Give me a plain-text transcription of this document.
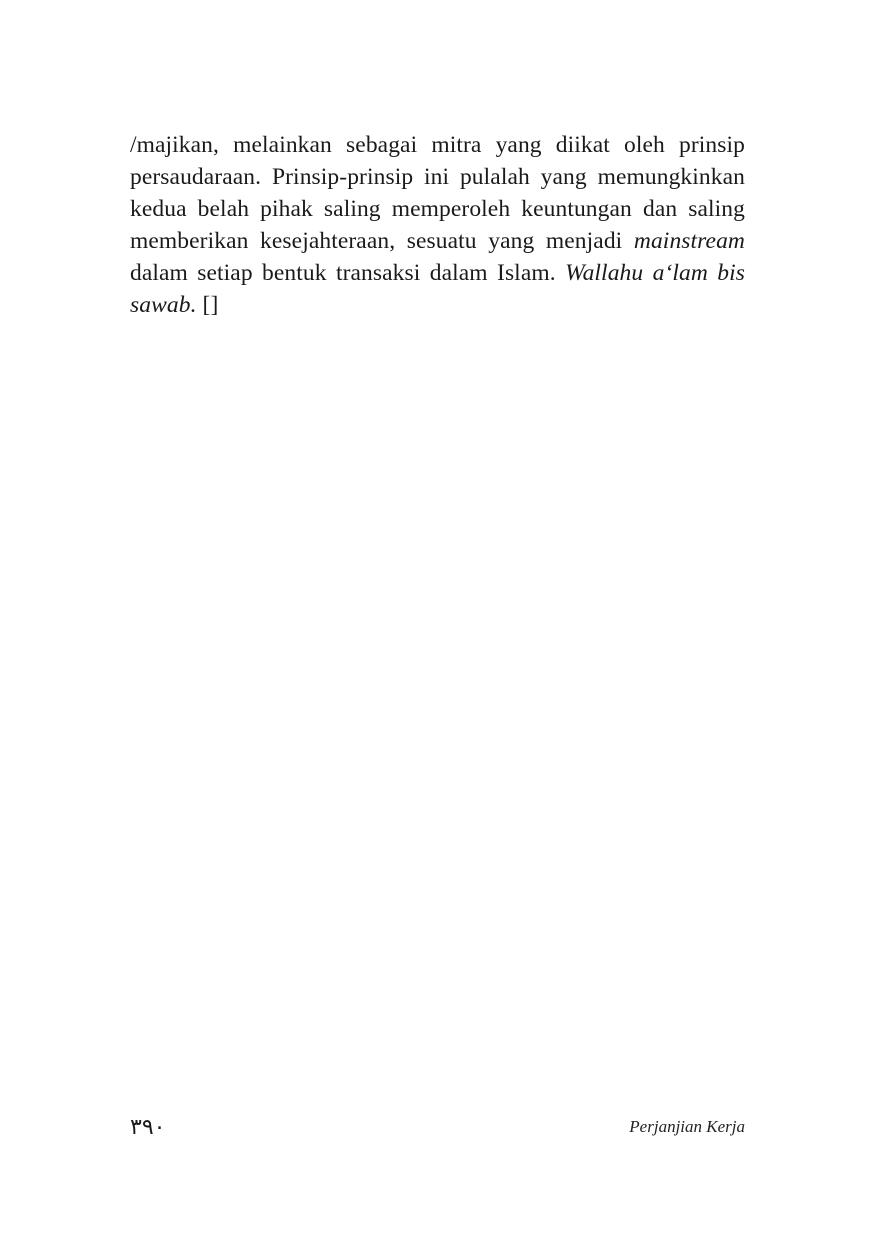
/majikan, melainkan sebagai mitra yang diikat oleh prinsip persaudaraan. Prinsip-prinsip ini pulalah yang memungkinkan kedua belah pihak saling memperoleh keuntungan dan saling memberikan kesejahteraan, sesuatu yang menjadi mainstream dalam setiap bentuk transaksi dalam Islam. Wallahu a‘lam bis sawab. []

٣٩٠	Perjanjian Kerja
